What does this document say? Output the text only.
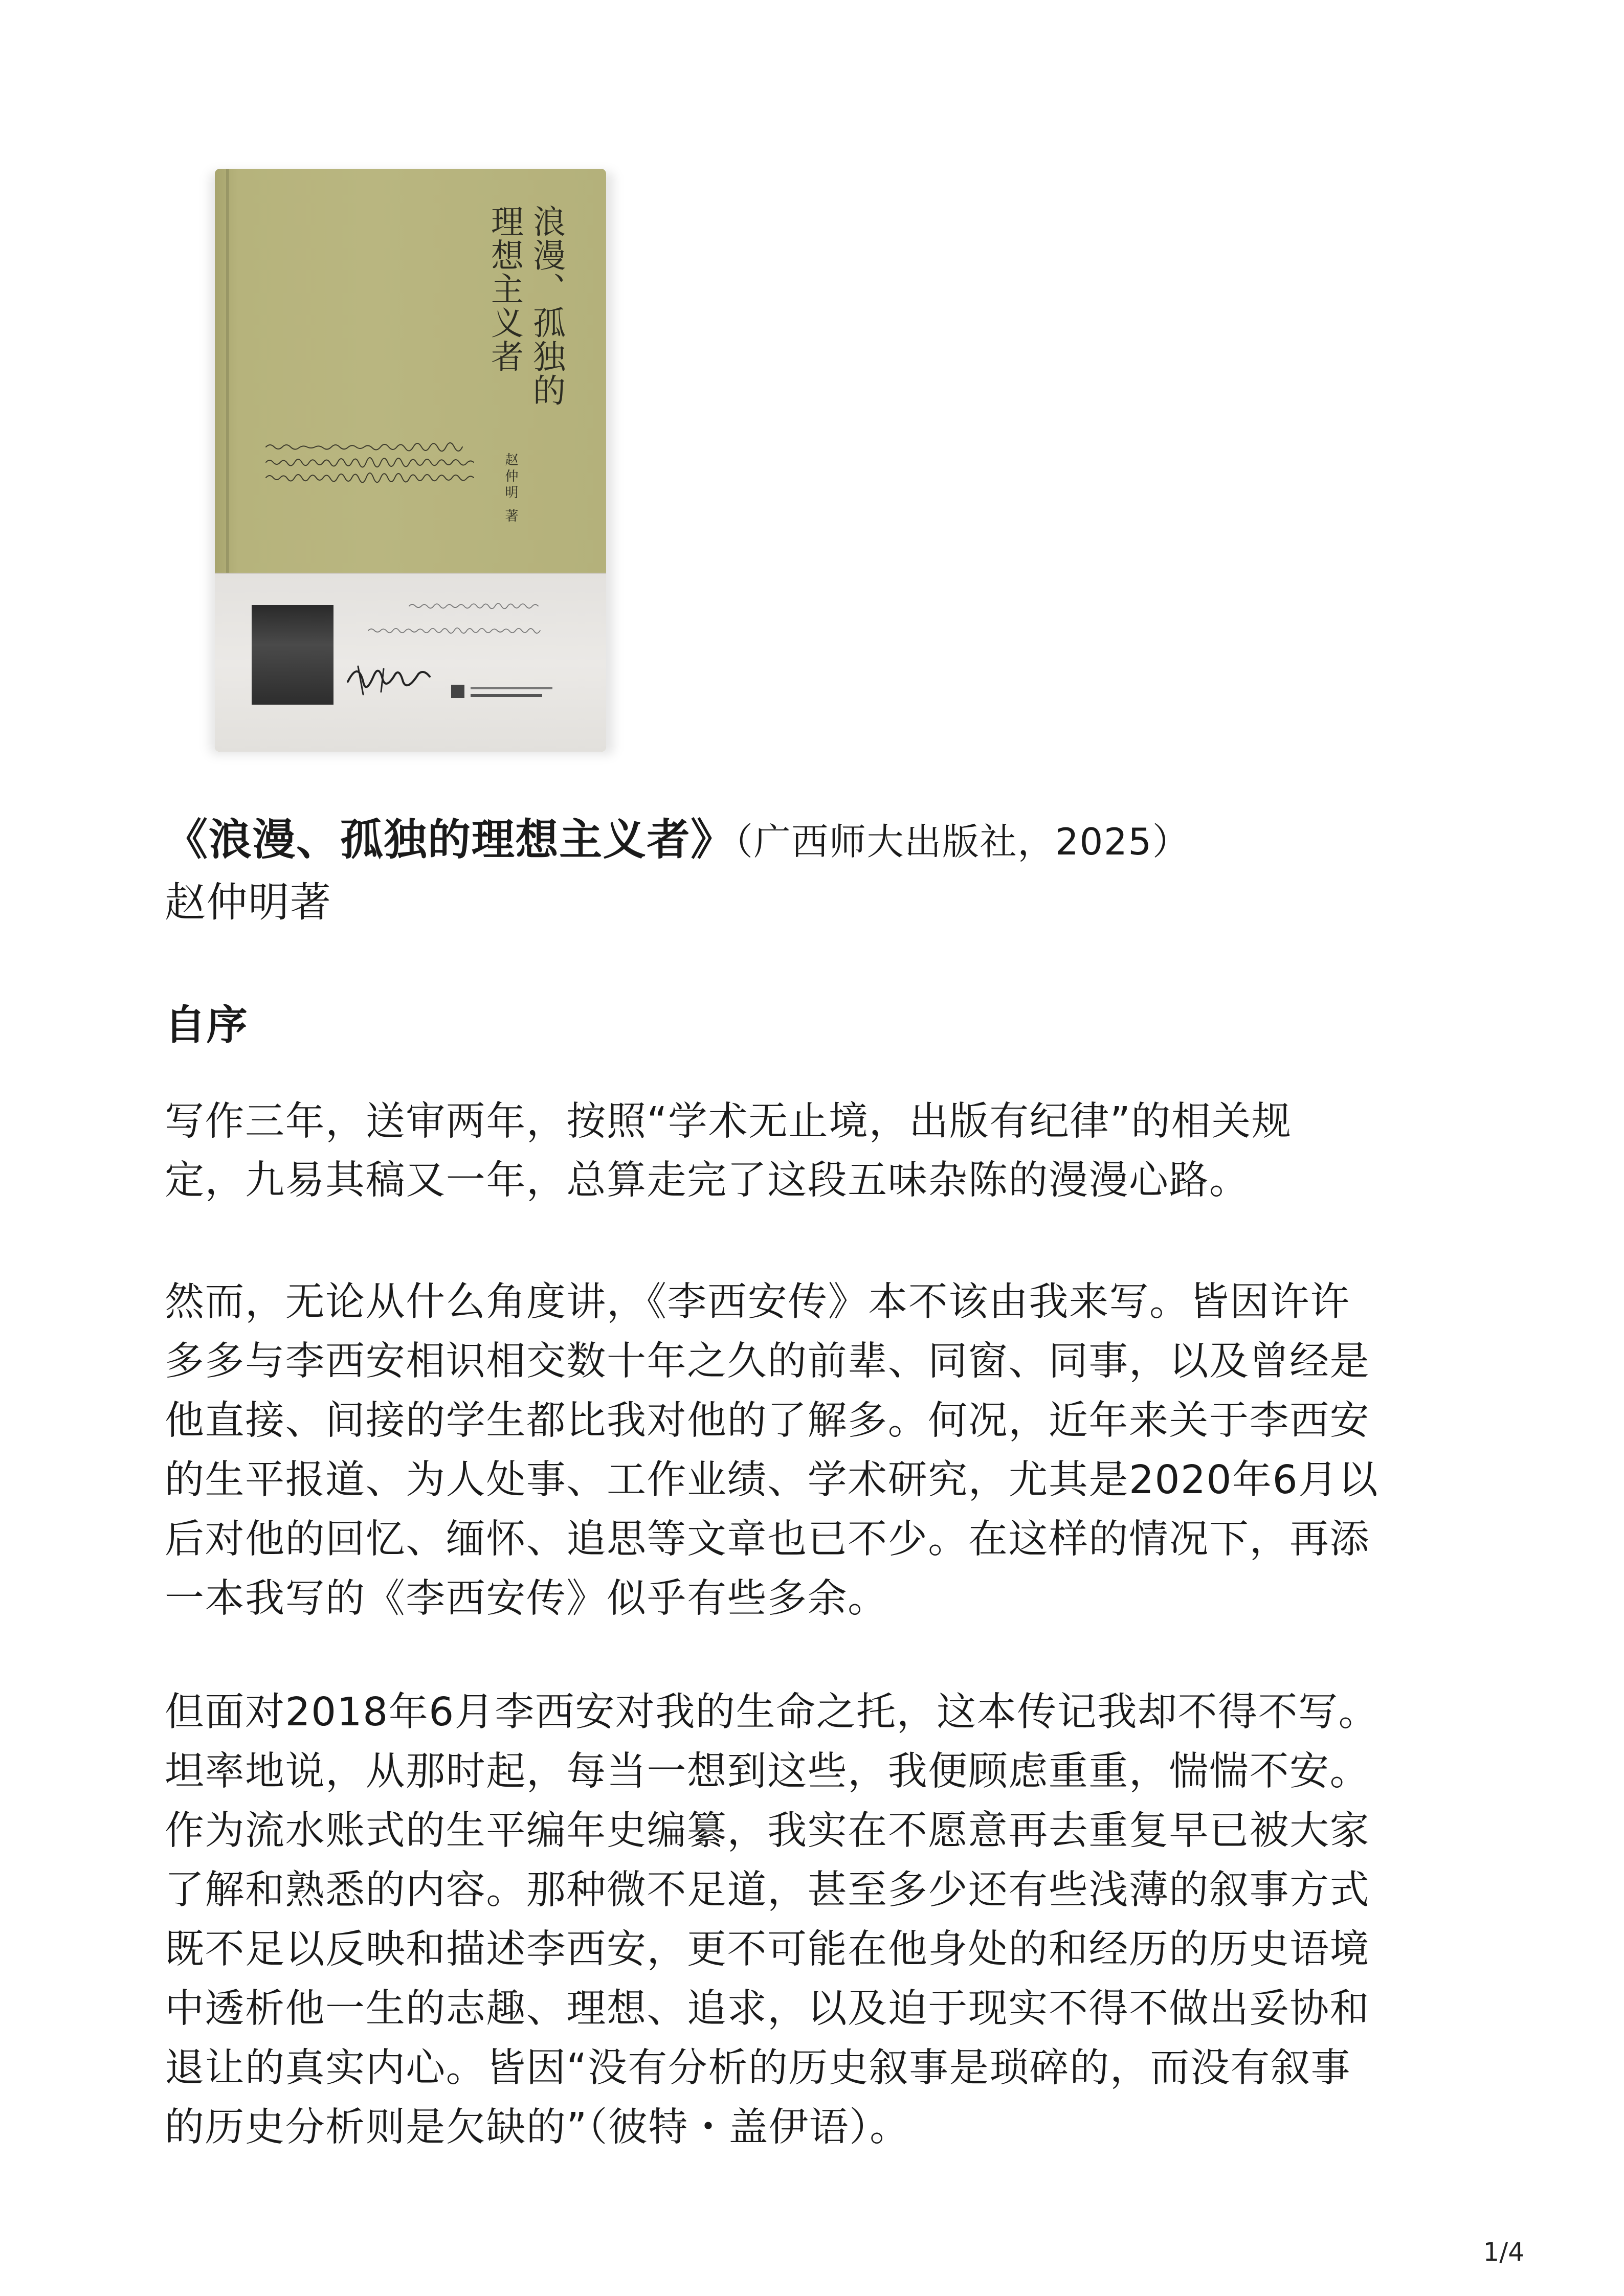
浪漫、孤独的
理想主义者
赵仲明 著
《浪漫、孤独的理想主义者》（广西师大出版社，2025）
赵仲明著
自序
写作三年，送审两年，按照“学术无止境，出版有纪律”的相关规
定，九易其稿又一年，总算走完了这段五味杂陈的漫漫心路。
然而，无论从什么角度讲，《李西安传》本不该由我来写。皆因许许
多多与李西安相识相交数十年之久的前辈、同窗、同事，以及曾经是
他直接、间接的学生都比我对他的了解多。何况，近年来关于李西安
的生平报道、为人处事、工作业绩、学术研究，尤其是2020年6月以
后对他的回忆、缅怀、追思等文章也已不少。在这样的情况下，再添
一本我写的《李西安传》似乎有些多余。
但面对2018年6月李西安对我的生命之托，这本传记我却不得不写。
坦率地说，从那时起，每当一想到这些，我便顾虑重重，惴惴不安。
作为流水账式的生平编年史编纂，我实在不愿意再去重复早已被大家
了解和熟悉的内容。那种微不足道，甚至多少还有些浅薄的叙事方式
既不足以反映和描述李西安，更不可能在他身处的和经历的历史语境
中透析他一生的志趣、理想、追求，以及迫于现实不得不做出妥协和
退让的真实内心。皆因“没有分析的历史叙事是琐碎的，而没有叙事
的历史分析则是欠缺的”（彼特・盖伊语）。
1/4
